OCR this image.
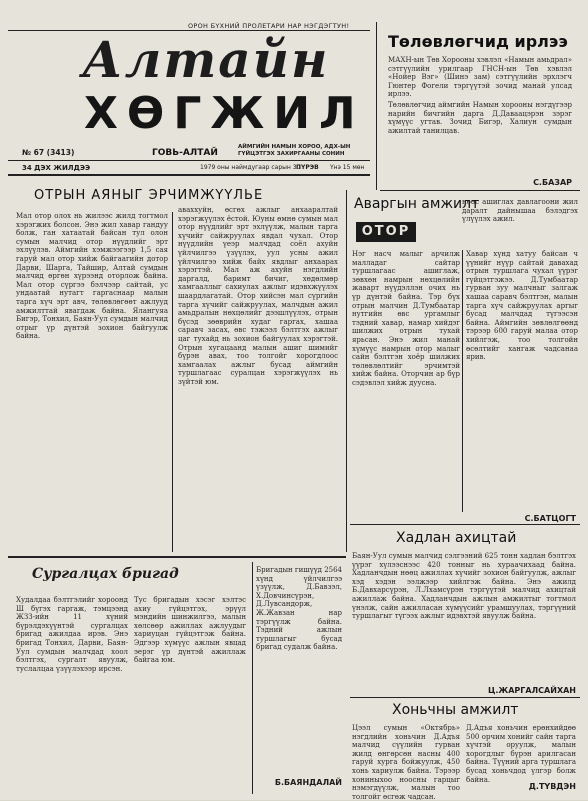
ОРОН БҮХНИЙ ПРОЛЕТАРИ НАР НЭГДЭГТУН!
Алтайн
ХӨГЖИЛ
№ 67 (3413)	ГОВЬ-АЛТАЙ
АЙМГИЙН НАМЫН ХОРОО, АДХ-ЫН ГҮЙЦЭТГЭХ ЗАХИРГААНЫ СОНИН
34 ДЭХ ЖИЛДЭЭ	1979 оны наймдугаар сарын 30
ПҮРЭВ Үнэ 15 мөн
Төлөвлөгчид ирлээ

МАХН-ын Төв Хорооны хэвлэл «Намын амьдрал» сэтгүүлийн урилгаар ГНСН-ын Төв хэвлэл «Нойер Вэг» (Шинэ зам) сэтгүүлийн эрхлэгч Гюнтер Фогели тэргүүтэй зочид манай улсад ирлээ.

Төлөвлөгчид аймгийн Намын хорооны нэгдүгээр нарийн бичгийн дарга Д.Даваацэрэн зэрэг хүмүүс угтав. Зочид Бигэр, Халиун сумдын ажилтай танилцав.

С.БАЗАР
ОТРЫН АЯНЫГ ЭРЧИМЖҮҮЛЬЕ
Мал отор олох нь жилээс жилд тогтмол хэрэгжих болсон. Энэ жил хавар гандуу болж, ган хатаатай байсан тул олон сумын малчид отор нүүдлийг эрт эхлүүлэв. Аймгийн хэмжээгээр 1,5 сая гаруй мал отор хийж байгаагийн дотор Дарви, Шарга, Тайшир, Алтай сумдын малчид өргөн хүрээнд оторлож байна. Мал отор сүргээ бэлчээр сайтай, ус ундаатай нутагт гаргаснаар малын тарга хүч эрт авч, төлөвлөгөөт ажлууд амжилттай явагдаж байна. Ялангуяа Бигэр, Тонхил, Баян-Уул сумдын малчид отрыг үр дүнтэй зохион байгуулж байна.
аваххуйн, өсгөх ажлыг анхааралтай хэрэгжүүлэх ёстой. Юуны өмнө сумын мал отор нүүдлийг эрт эхлүүлж, малын тарга хүчийг сайжруулах явдал чухал. Отор нүүдлийн үеэр малчдад соёл ахуйн үйлчилгээ үзүүлэх, уул усны ажил үйлчилгээ хийж байх явдлыг анхаарах хэрэгтэй. Мал аж ахуйн нэгдлийн даргалд, баримт бичиг, хөдөлмөр хамгааллыг сахиулах ажлыг идэвхжүүлэх шаардлагатай. Отор хийсэн мал сүргийн тарга хүчийг сайжруулах, малчдын ажил амьдралын нөхцөлийг дээшлүүлэх, отрын бүсэд зөөврийн худаг гаргах, хашаа саравч засах, өвс тэжээл бэлтгэх ажлыг цаг тухайд нь зохион байгуулах хэрэгтэй. Отрын хугацаанд малын ашиг шимийг бүрэн авах, тоо толгойг хорогдлоос хамгаалах ажлыг бусад аймгийн туршлагаас суралцан хэрэгжүүлэх нь зүйтэй юм.
Аваргын амжилт
ОТОР
нөөс ашиглах давлагоони жил даралт дайнышаа бэлэдгэх үлүүлэх ажил.
Нэг насч малыг арчилж малладаг сайтар туршлагаас ашиглаж, зөвхөн намрын нөхцөлийн жаварт нүүдэллэн очих нь үр дүнтэй байна. Тэр бүх отрын малчин Д.Тумбаатар нутгийн өвс ургамлыг тэдний хавар, намар хийдэг шилжих отрын тухай ярьсан. Энэ жил манай хүмүүс намрын отор малыг сайн бэлтгэн хоёр шилжих төлөвлөлтийг эрчимтэй хийж байна. Оторчин ар бүр сэдэвлэл хийж дуусна.
Хавар хүнд хатуу байсан ч үүнийг нүүр сайтай давахад отрын туршлага чухал үүрэг гүйцэтгэжээ. Д.Тумбаатар гурван зуу малчныг залгаж хашаа саравч бэлтгэн, малын тарга хүч сайжруулах аргыг бусад малчдад түгээсэн байна. Аймгийн зөвлөлгөөнд тэрээр 600 гаруй малаа отор хийлгэж, тоо толгойн өсөлтийг хангаж чадсанаа ярив.
С.БАТЦОГТ
Хадлан ахицтай
Баян-Уул сумын малчид сэлгээний 625 тонн хадлан бэлтгэх үүрэг хүлээснээс 420 тонныг нь хураачихаад байна. Хадланчдын нөөц ажиллах хүчийг зохион байгуулж, ажлыг хэд хэдэн ээлжээр хийлгэж байна. Энэ ажилд Б.Давхарсүрэн, Л.Лхамсүрэн тэргүүтэй малчид ахицтай ажиллаж байна. Хадланчдын ажлын амжилтыг тогтмол үнэлж, сайн ажилласан хүмүүсийг урамшуулах, тэргүүний туршлагыг түгээх ажлыг идэвхтэй явуулж байна.
Ц.ЖАРГАЛСАЙХАН
Сургалцах бригад
Худалдаа бэлтгэлийг хороонд Ш бүгэх гаргаж, тэмцээнд ЖЗЗ-ийн 11 хүний бүрэлдэхүүнтэй сургалцах бригад ажилдаа ирэв. Энэ бригад Тонхил, Дарви, Баян-Уул сумдын малчдад хоол бэлтгэх, сургалт явуулж, туслалцаа үзүүлэхээр ирсэн.
Тус бригадын хэсэг хэлтэс ахиу гүйцэтгэх, эрүүл мэндийн шинжилгээ, малын хөлсөөр ажиллах ажлуудыг хариуцан гүйцэтгэж байна. Эдгээр хүмүүс ажлын явцад эерэг үр дүнтэй ажиллаж байгаа юм.
Бригадын гишүүд 2564 хүнд үйлчилгээ үзүүлж, Д.Бавзэл, Х.Довчинсүрэн, Д.Лувсандорж, Ж.Жавзан нар тэргүүлж байна. Тэдний ажлын туршлагыг бусад бригад судалж байна.
Б.БАЯНДАЛАЙ
Хоньчны амжилт
Цээл сумын «Октябрь» нэгдлийн хоньчин Д.Адъя малчид сүүлийн гурван жилд өнгөрсөн насны 400 гаруй хурга бойжуулж, 450 хонь хариулж байна. Тэрээр хониныхоо ноосны гарцыг нэмэгдүүлж, малын тоо толгойг өсгөж чадсан.
Д.Адъя хоньчин ерөнхийдөө 500 орчим хонийг сайн тарга хүчтэй оруулж, малын хорогдлыг бүрэн арилгасан байна. Түүний арга туршлага бусад хоньчдод үлгэр болж байна.
Д.ТҮВДЭН
